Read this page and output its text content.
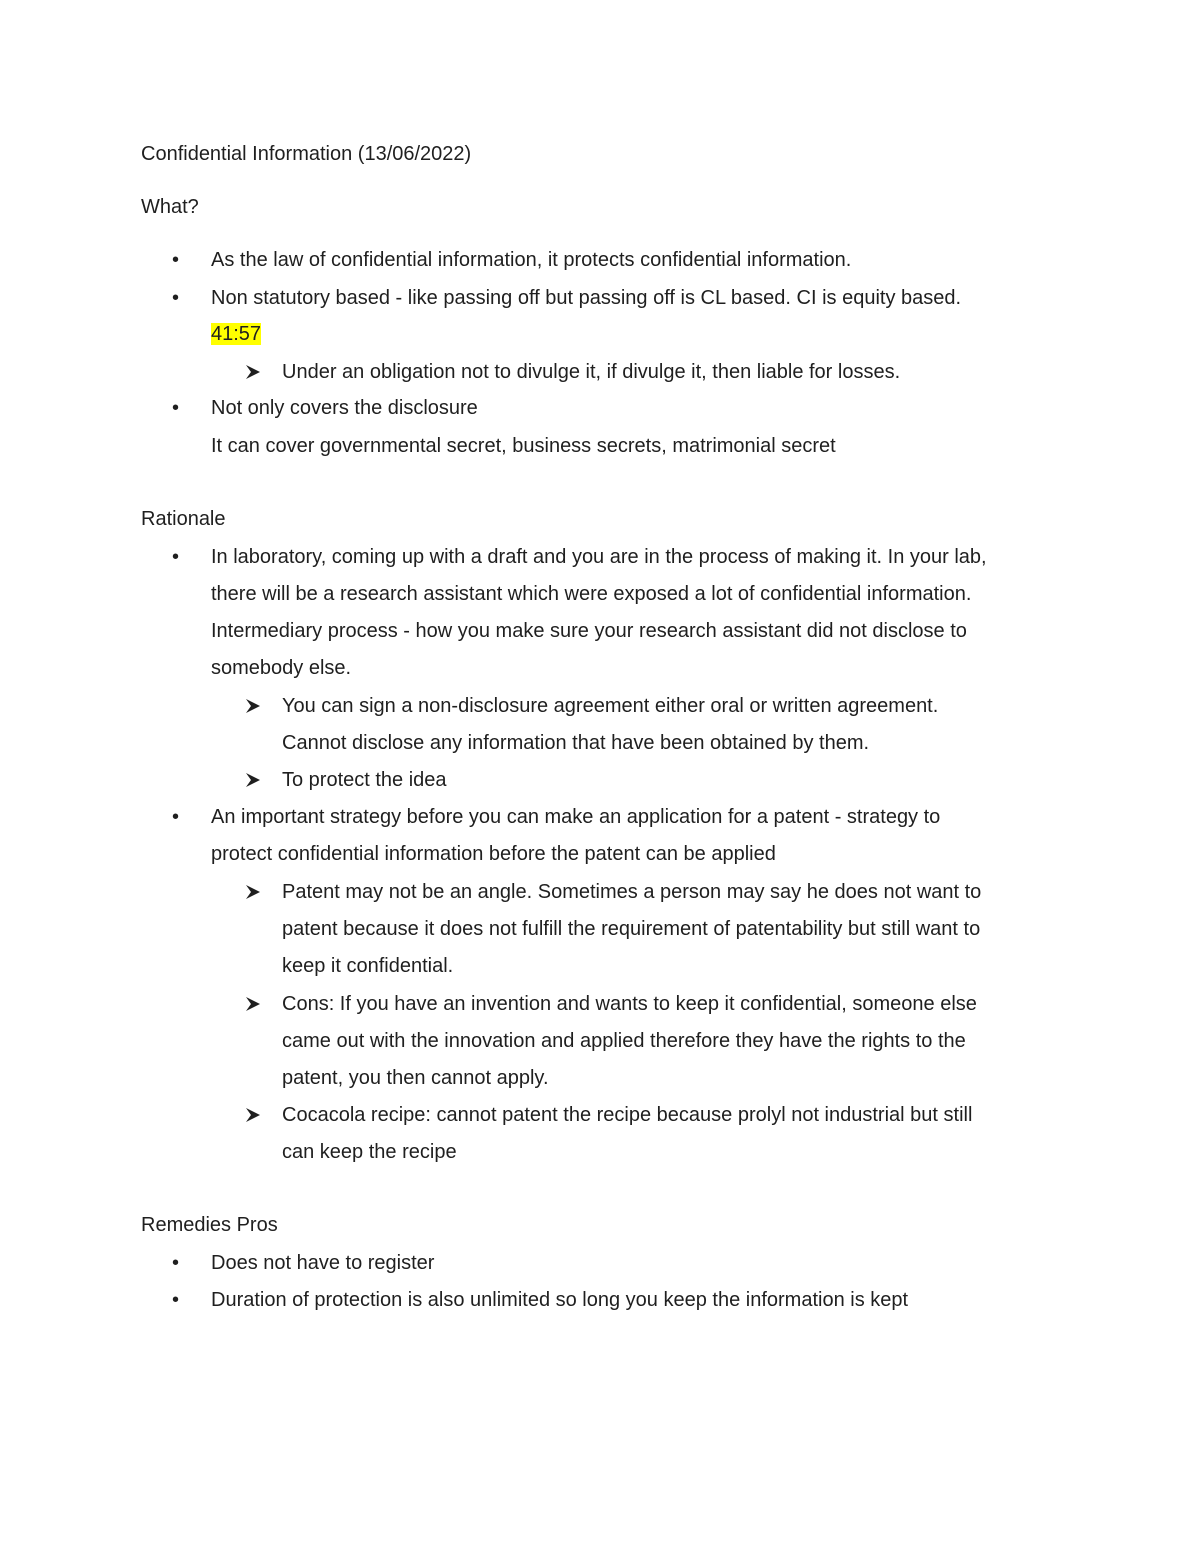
Confidential Information (13/06/2022)
What?
• As the law of confidential information, it protects confidential information.
• Non statutory based - like passing off but passing off is CL based. CI is equity based.
41:57
Under an obligation not to divulge it, if divulge it, then liable for losses.
• Not only covers the disclosure
It can cover governmental secret, business secrets, matrimonial secret
Rationale
• In laboratory, coming up with a draft and you are in the process of making it. In your lab,
there will be a research assistant which were exposed a lot of confidential information.
Intermediary process - how you make sure your research assistant did not disclose to
somebody else.
You can sign a non-disclosure agreement either oral or written agreement.
Cannot disclose any information that have been obtained by them.
To protect the idea
• An important strategy before you can make an application for a patent - strategy to
protect confidential information before the patent can be applied
Patent may not be an angle. Sometimes a person may say he does not want to
patent because it does not fulfill the requirement of patentability but still want to
keep it confidential.
Cons: If you have an invention and wants to keep it confidential, someone else
came out with the innovation and applied therefore they have the rights to the
patent, you then cannot apply.
Cocacola recipe: cannot patent the recipe because prolyl not industrial but still
can keep the recipe
Remedies Pros
• Does not have to register
• Duration of protection is also unlimited so long you keep the information is kept
